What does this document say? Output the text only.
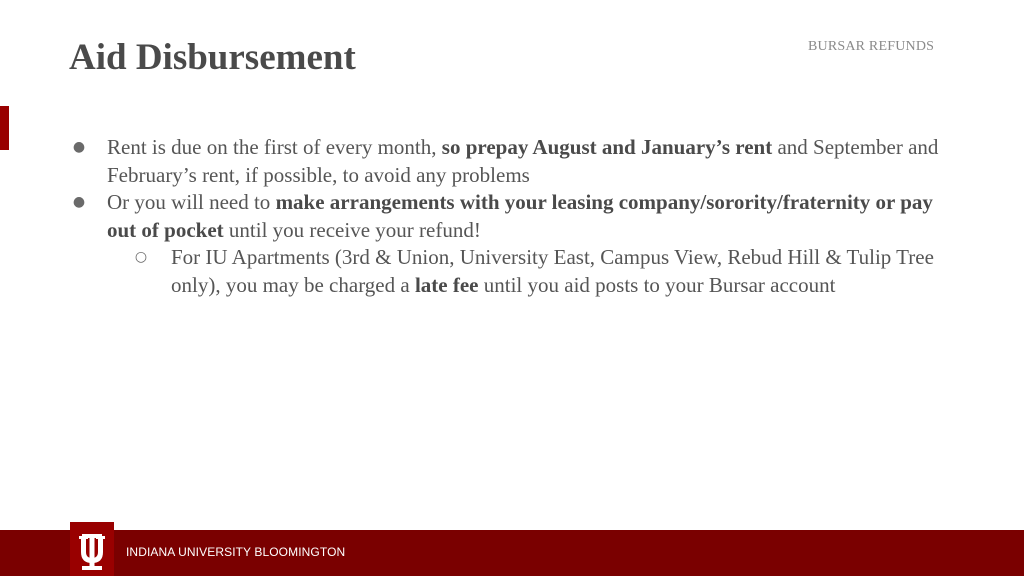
Aid Disbursement	BURSAR REFUNDS
● Rent is due on the first of every month, so prepay August and January’s rent and September and February’s rent, if possible, to avoid any problems
● Or you will need to make arrangements with your leasing company/sorority/fraternity or pay out of pocket until you receive your refund!
○ For IU Apartments (3rd & Union, University East, Campus View, Rebud Hill & Tulip Tree only), you may be charged a late fee until you aid posts to your Bursar account
INDIANA UNIVERSITY BLOOMINGTON
